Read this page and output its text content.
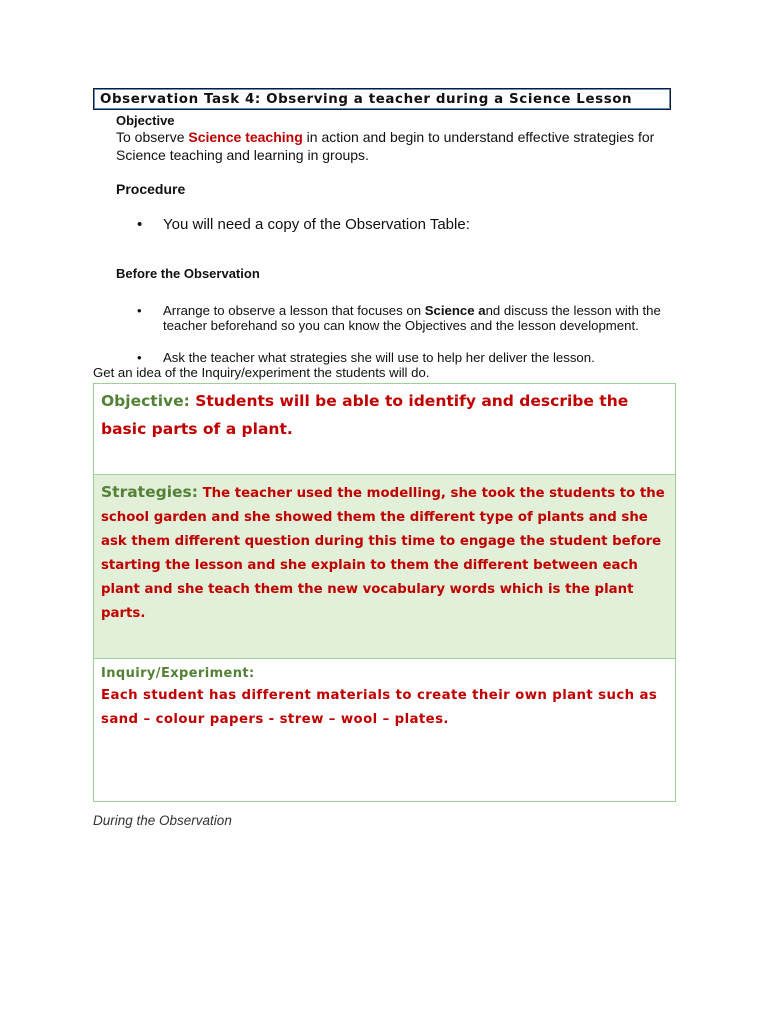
Observation Task 4: Observing a teacher during a Science Lesson
Objective
To observe Science teaching in action and begin to understand effective strategies for Science teaching and learning in groups.
Procedure
•	You will need a copy of the Observation Table:
Before the Observation
•	Arrange to observe a lesson that focuses on Science and discuss the lesson with the teacher beforehand so you can know the Objectives and the lesson development.
•	Ask the teacher what strategies she will use to help her deliver the lesson.
Get an idea of the Inquiry/experiment the students will do.
Objective: Students will be able to identify and describe the basic parts of a plant.
Strategies: The teacher used the modelling, she took the students to the school garden and she showed them the different type of plants and she ask them different question during this time to engage the student before starting the lesson and she explain to them the different between each plant and she teach them the new vocabulary words which is the plant parts.
Inquiry/Experiment:
Each student has different materials to create their own plant such as sand – colour papers - strew – wool – plates.
During the Observation
